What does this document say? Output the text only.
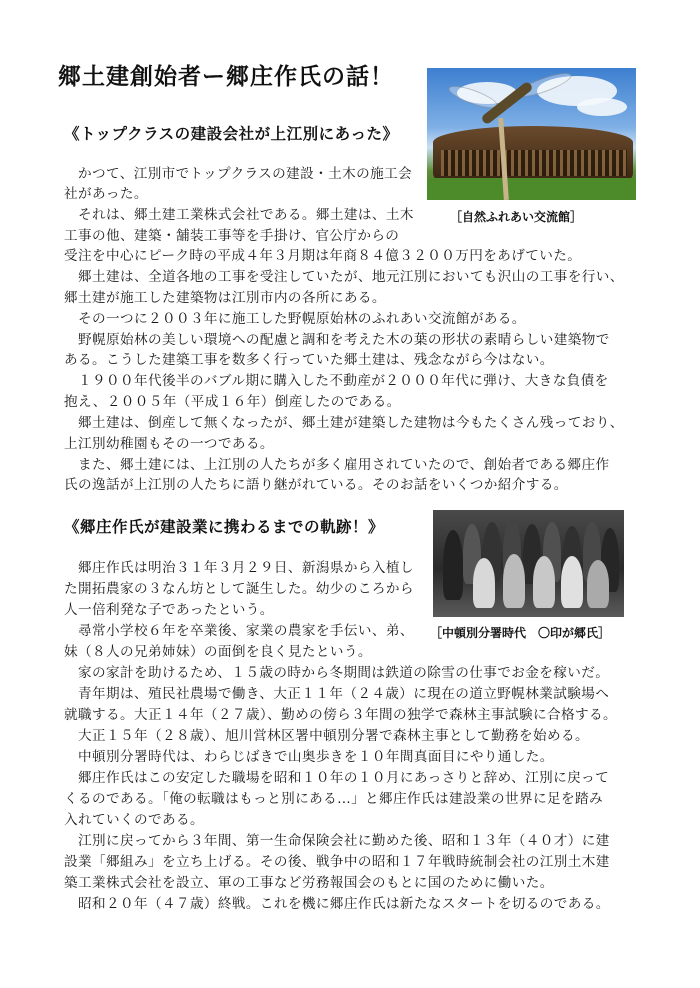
郷土建創始者ー郷庄作氏の話！
［自然ふれあい交流館］
《トップクラスの建設会社が上江別にあった》

　かつて、江別市でトップクラスの建設・土木の施工会

社があった。

　それは、郷土建工業株式会社である。郷土建は、土木

工事の他、建築・舗装工事等を手掛け、官公庁からの

受注を中心にピーク時の平成４年３月期は年商８４億３２００万円をあげていた。

　郷土建は、全道各地の工事を受注していたが、地元江別においても沢山の工事を行い、

郷土建が施工した建築物は江別市内の各所にある。

　その一つに２００３年に施工した野幌原始林のふれあい交流館がある。

　野幌原始林の美しい環境への配慮と調和を考えた木の葉の形状の素晴らしい建築物で

ある。こうした建築工事を数多く行っていた郷土建は、残念ながら今はない。

　１９００年代後半のバブル期に購入した不動産が２０００年代に弾け、大きな負債を

抱え、２００５年（平成１６年）倒産したのである。

　郷土建は、倒産して無くなったが、郷土建が建築した建物は今もたくさん残っており、

上江別幼稚園もその一つである。

　また、郷土建には、上江別の人たちが多く雇用されていたので、創始者である郷庄作

氏の逸話が上江別の人たちに語り継がれている。そのお話をいくつか紹介する。

《郷庄作氏が建設業に携わるまでの軌跡！》
［中頓別分署時代　〇印が郷氏］

　郷庄作氏は明治３１年３月２９日、新潟県から入植し

た開拓農家の３なん坊として誕生した。幼少のころから

人一倍利発な子であったという。

　尋常小学校６年を卒業後、家業の農家を手伝い、弟、

妹（８人の兄弟姉妹）の面倒を良く見たという。

　家の家計を助けるため、１５歳の時から冬期間は鉄道の除雪の仕事でお金を稼いだ。

　青年期は、殖民社農場で働き、大正１１年（２４歳）に現在の道立野幌林業試験場へ

就職する。大正１４年（２７歳）、勤めの傍ら３年間の独学で森林主事試験に合格する。

　大正１５年（２８歳）、旭川営林区署中頓別分署で森林主事として勤務を始める。

　中頓別分署時代は、わらじばきで山奥歩きを１０年間真面目にやり通した。

　郷庄作氏はこの安定した職場を昭和１０年の１０月にあっさりと辞め、江別に戻って

くるのである。「俺の転職はもっと別にある…」と郷庄作氏は建設業の世界に足を踏み

入れていくのである。

　江別に戻ってから３年間、第一生命保険会社に勤めた後、昭和１３年（４０才）に建

設業「郷組み」を立ち上げる。その後、戦争中の昭和１７年戦時統制会社の江別土木建

築工業株式会社を設立、軍の工事など労務報国会のもとに国のために働いた。

　昭和２０年（４７歳）終戦。これを機に郷庄作氏は新たなスタートを切るのである。
